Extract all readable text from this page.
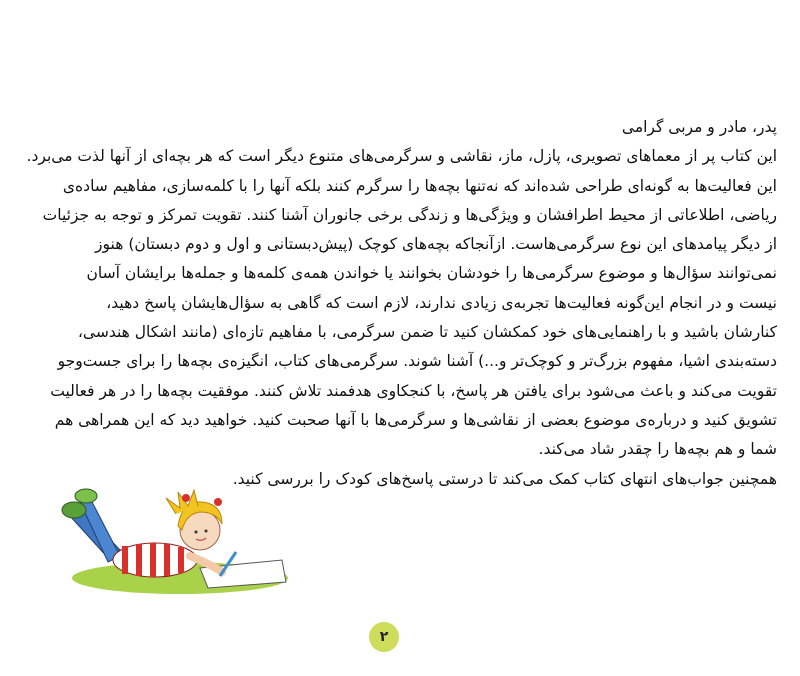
پدر، مادر و مربی گرامی
این کتاب پر از معماهای تصویری، پازل، ماز، نقاشی و سرگرمی‌های متنوع دیگر است که هر بچه‌ای از آنها لذت می‌برد.
این فعالیت‌ها به گونه‌ای طراحی شده‌اند که نه‌تنها بچه‌ها را سرگرم کنند بلکه آنها را با کلمه‌سازی، مفاهیم ساده‌ی
ریاضی، اطلاعاتی از محیط اطرافشان و ویژگی‌ها و زندگی برخی جانوران آشنا کنند. تقویت تمرکز و توجه به جزئیات
از دیگر پیامدهای این نوع سرگرمی‌هاست. ازآنجاکه بچه‌های کوچک (پیش‌دبستانی و اول و دوم دبستان) هنوز
نمی‌توانند سؤال‌ها و موضوع سرگرمی‌ها را خودشان بخوانند یا خواندن همه‌ی کلمه‌ها و جمله‌ها برایشان آسان
نیست و در انجام این‌گونه فعالیت‌ها تجربه‌ی زیادی ندارند، لازم است که گاهی به سؤال‌هایشان پاسخ دهید،
کنارشان باشید و با راهنمایی‌های خود کمکشان کنید تا ضمن سرگرمی، با مفاهیم تازه‌ای (مانند اشکال هندسی،
دسته‌بندی اشیا، مفهوم بزرگ‌تر و کوچک‌تر و...) آشنا شوند. سرگرمی‌های کتاب، انگیزه‌ی بچه‌ها را برای جست‌وجو
تقویت می‌کند و باعث می‌شود برای یافتن هر پاسخ، با کنجکاوی هدفمند تلاش کنند. موفقیت بچه‌ها را در هر فعالیت
تشویق کنید و درباره‌ی موضوع بعضی از نقاشی‌ها و سرگرمی‌ها با آنها صحبت کنید. خواهید دید که این همراهی هم
شما و هم بچه‌ها را چقدر شاد می‌کند.
همچنین جواب‌های انتهای کتاب کمک می‌کند تا درستی پاسخ‌های کودک را بررسی کنید.
۲
